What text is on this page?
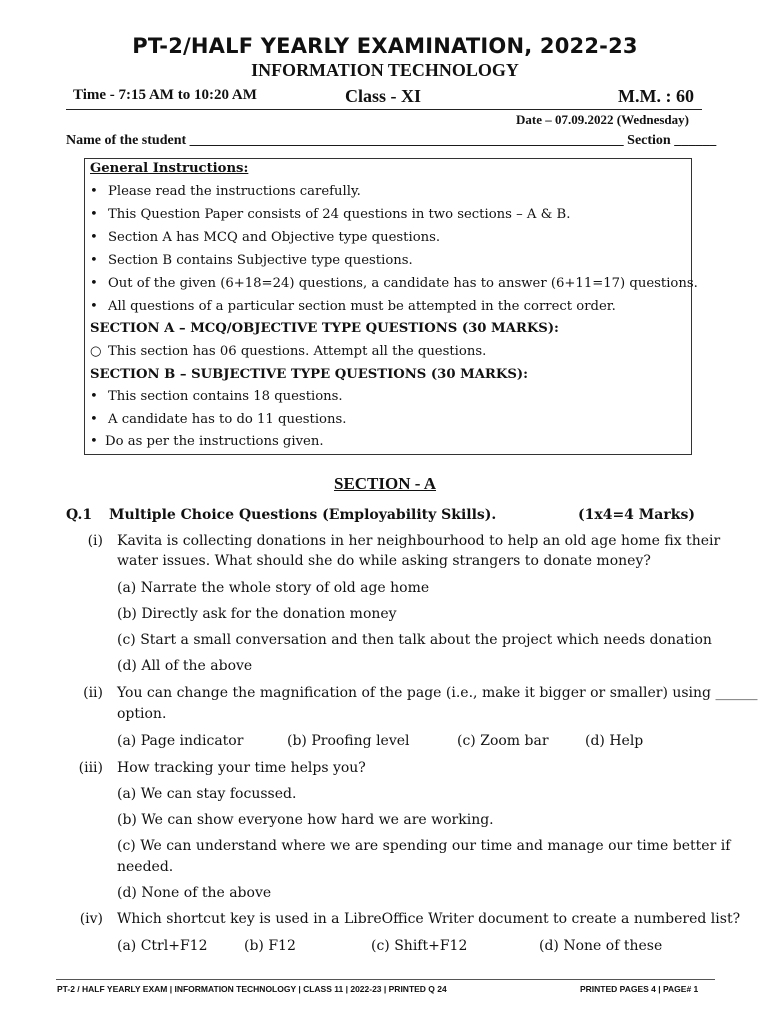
PT-2/HALF YEARLY EXAMINATION, 2022-23
INFORMATION TECHNOLOGY
Time - 7:15 AM to 10:20 AM	Class - XI	M.M. : 60
Date – 07.09.2022 (Wednesday)
Name of the student ______________________________________________________________ Section ______
General Instructions:
• Please read the instructions carefully.
• This Question Paper consists of 24 questions in two sections – A & B.
• Section A has MCQ and Objective type questions.
• Section B contains Subjective type questions.
• Out of the given (6+18=24) questions, a candidate has to answer (6+11=17) questions.
• All questions of a particular section must be attempted in the correct order.
SECTION A – MCQ/OBJECTIVE TYPE QUESTIONS (30 MARKS):
○ This section has 06 questions. Attempt all the questions.
SECTION B – SUBJECTIVE TYPE QUESTIONS (30 MARKS):
• This section contains 18 questions.
• A candidate has to do 11 questions.
• Do as per the instructions given.
SECTION - A
Q.1 Multiple Choice Questions (Employability Skills).	(1x4=4 Marks)
(i) Kavita is collecting donations in her neighbourhood to help an old age home fix their
water issues. What should she do while asking strangers to donate money?
(a) Narrate the whole story of old age home
(b) Directly ask for the donation money
(c) Start a small conversation and then talk about the project which needs donation
(d) All of the above
(ii) You can change the magnification of the page (i.e., make it bigger or smaller) using ______
option.
(a) Page indicator	(b) Proofing level	(c) Zoom bar	(d) Help
(iii) How tracking your time helps you?
(a) We can stay focussed.
(b) We can show everyone how hard we are working.
(c) We can understand where we are spending our time and manage our time better if
needed.
(d) None of the above
(iv) Which shortcut key is used in a LibreOffice Writer document to create a numbered list?
(a) Ctrl+F12	(b) F12	(c) Shift+F12	(d) None of these
PT-2 / HALF YEARLY EXAM | INFORMATION TECHNOLOGY | CLASS 11 | 2022-23 | PRINTED Q 24	PRINTED PAGES 4 | PAGE# 1
